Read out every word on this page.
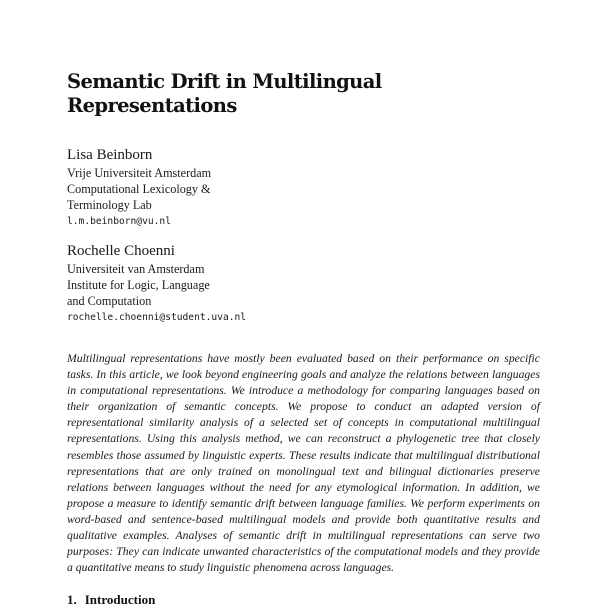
Semantic Drift in Multilingual
Representations
Lisa Beinborn
Vrije Universiteit Amsterdam
Computational Lexicology &
Terminology Lab
l.m.beinborn@vu.nl
Rochelle Choenni
Universiteit van Amsterdam
Institute for Logic, Language
and Computation
rochelle.choenni@student.uva.nl

Multilingual representations have mostly been evaluated based on their performance on specific tasks. In this article, we look beyond engineering goals and analyze the relations between languages in computational representations. We introduce a methodology for comparing languages based on their organization of semantic concepts. We propose to conduct an adapted version of representational similarity analysis of a selected set of concepts in computational multilingual representations. Using this analysis method, we can reconstruct a phylogenetic tree that closely resembles those assumed by linguistic experts. These results indicate that multilingual distributional representations that are only trained on monolingual text and bilingual dictionaries preserve relations between languages without the need for any etymological information. In addition, we propose a measure to identify semantic drift between language families. We perform experiments on word-based and sentence-based multilingual models and provide both quantitative results and qualitative examples. Analyses of semantic drift in multilingual representations can serve two purposes: They can indicate unwanted characteristics of the computational models and they provide a quantitative means to study linguistic phenomena across languages.

1. Introduction
